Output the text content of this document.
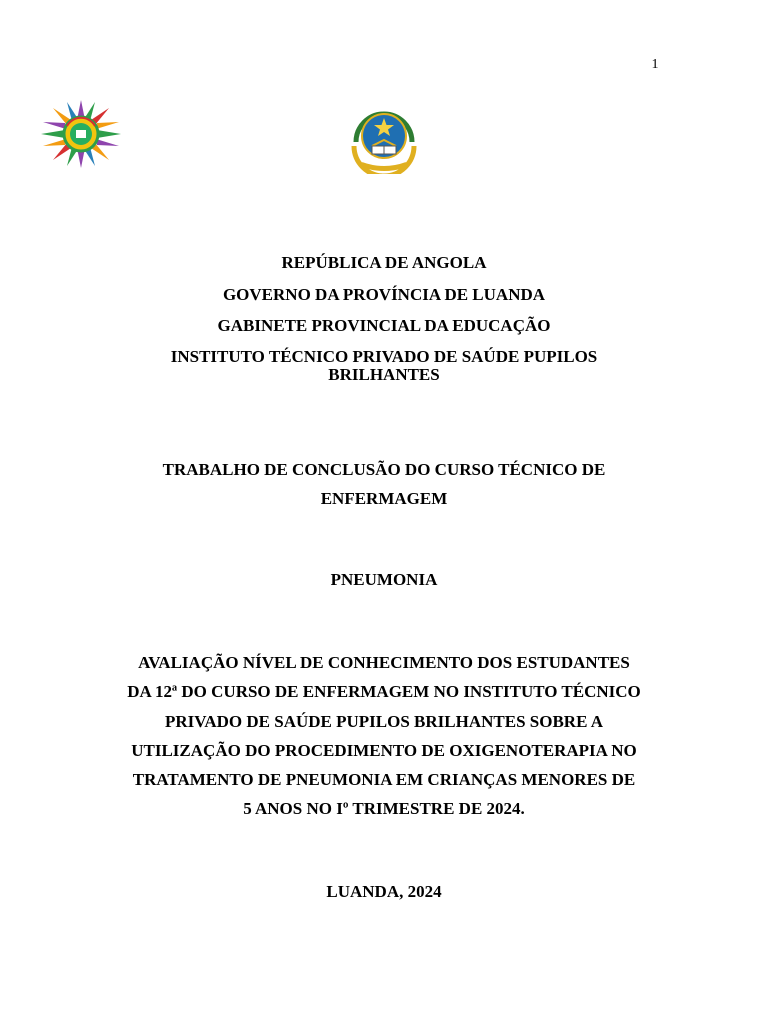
1
REPÚBLICA DE ANGOLA
GOVERNO DA PROVÍNCIA DE LUANDA
GABINETE PROVINCIAL DA EDUCAÇÃO
INSTITUTO TÉCNICO PRIVADO DE SAÚDE PUPILOS
BRILHANTES
TRABALHO DE CONCLUSÃO DO CURSO TÉCNICO DE
ENFERMAGEM
PNEUMONIA
AVALIAÇÃO NÍVEL DE CONHECIMENTO DOS ESTUDANTES
DA 12ª DO CURSO DE ENFERMAGEM NO INSTITUTO TÉCNICO
PRIVADO DE SAÚDE PUPILOS BRILHANTES SOBRE A
UTILIZAÇÃO DO PROCEDIMENTO DE OXIGENOTERAPIA NO
TRATAMENTO DE PNEUMONIA EM CRIANÇAS MENORES DE
5 ANOS NO Iº TRIMESTRE DE 2024.
LUANDA, 2024
